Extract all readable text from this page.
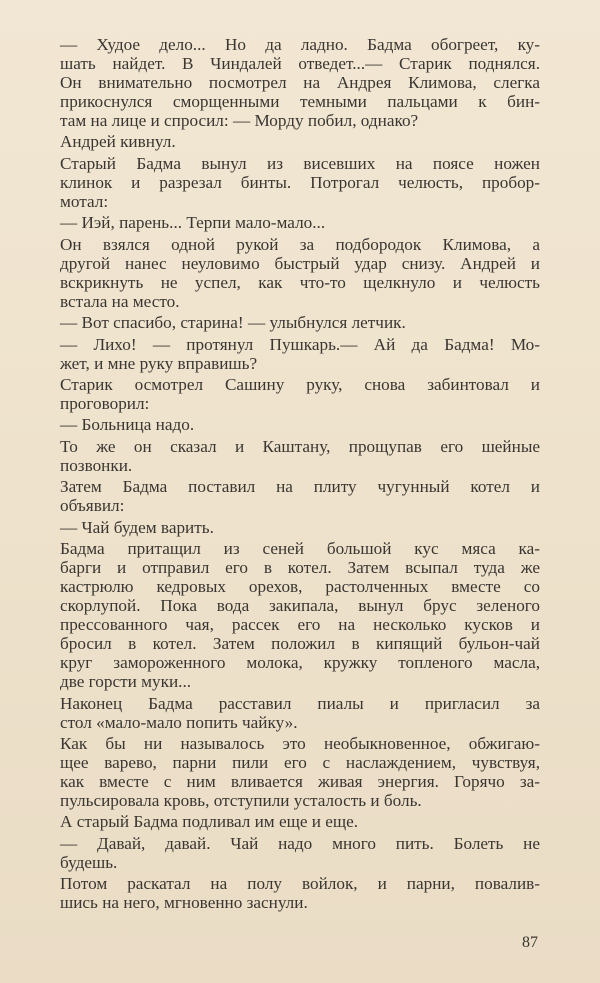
— Худое дело... Но да ладно. Бадма обогреет, ку-
шать найдет. В Чиндалей отведет...— Старик поднялся.
Он внимательно посмотрел на Андрея Климова, слегка
прикоснулся сморщенными темными пальцами к бин-
там на лице и спросил: — Морду побил, однако?
Андрей кивнул.
Старый Бадма вынул из висевших на поясе ножен
клинок и разрезал бинты. Потрогал челюсть, пробор-
мотал:
— Иэй, парень... Терпи мало-мало...
Он взялся одной рукой за подбородок Климова, а
другой нанес неуловимо быстрый удар снизу. Андрей и
вскрикнуть не успел, как что-то щелкнуло и челюсть
встала на место.
— Вот спасибо, старина! — улыбнулся летчик.
— Лихо! — протянул Пушкарь.— Ай да Бадма! Мо-
жет, и мне руку вправишь?
Старик осмотрел Сашину руку, снова забинтовал и
проговорил:
— Больница надо.
То же он сказал и Каштану, прощупав его шейные
позвонки.
Затем Бадма поставил на плиту чугунный котел и
объявил:
— Чай будем варить.
Бадма притащил из сеней большой кус мяса ка-
барги и отправил его в котел. Затем всыпал туда же
кастрюлю кедровых орехов, растолченных вместе со
скорлупой. Пока вода закипала, вынул брус зеленого
прессованного чая, рассек его на несколько кусков и
бросил в котел. Затем положил в кипящий бульон-чай
круг замороженного молока, кружку топленого масла,
две горсти муки...
Наконец Бадма расставил пиалы и пригласил за
стол «мало-мало попить чайку».
Как бы ни называлось это необыкновенное, обжигаю-
щее варево, парни пили его с наслаждением, чувствуя,
как вместе с ним вливается живая энергия. Горячо за-
пульсировала кровь, отступили усталость и боль.
А старый Бадма подливал им еще и еще.
— Давай, давай. Чай надо много пить. Болеть не
будешь.
Потом раскатал на полу войлок, и парни, повалив-
шись на него, мгновенно заснули.
87
